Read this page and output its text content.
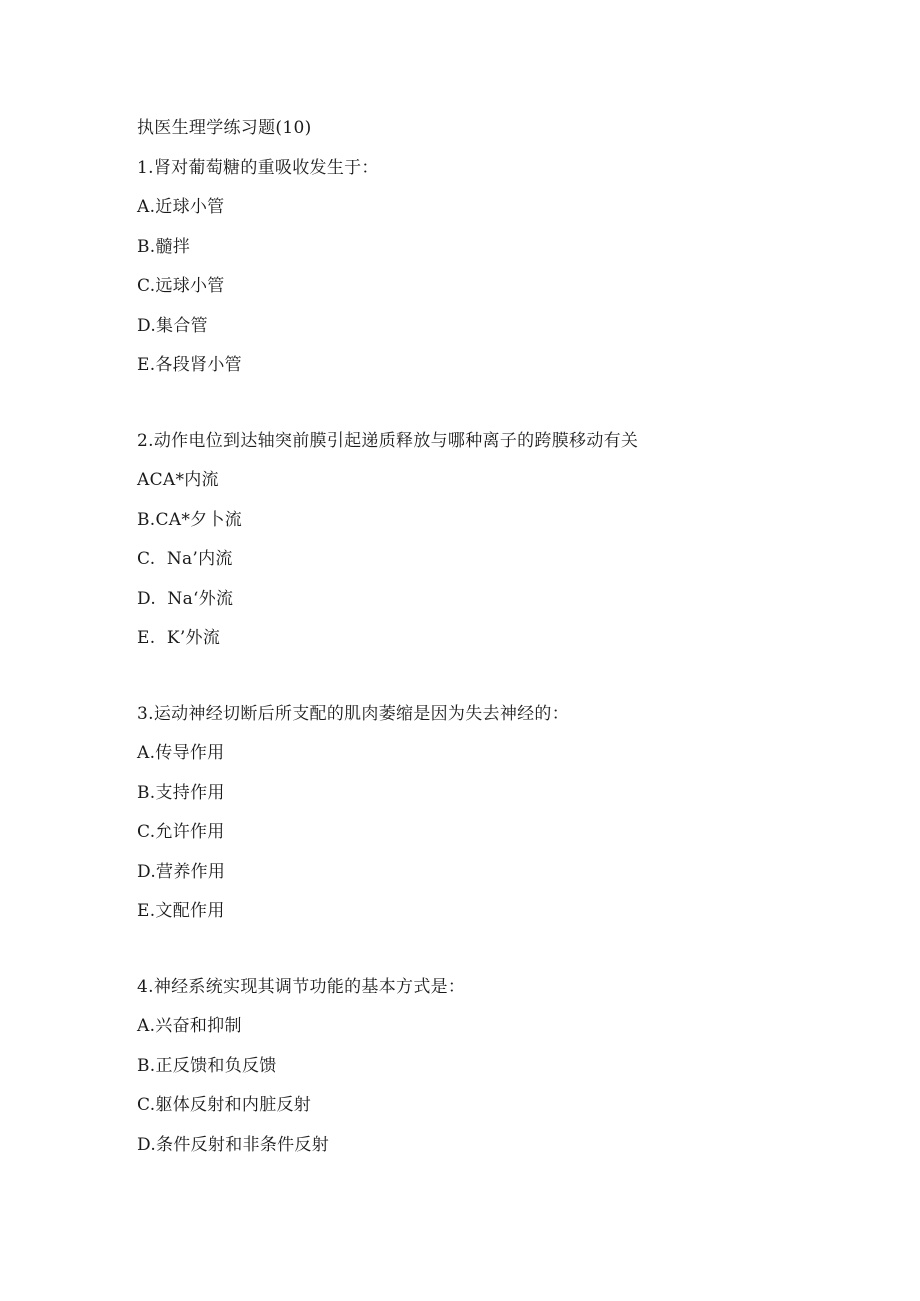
执医生理学练习题(10)
1.肾对葡萄糖的重吸收发生于：
A.近球小管
B.髓拌
C.远球小管
D.集合管
E.各段肾小管
2.动作电位到达轴突前膜引起递质释放与哪种离子的跨膜移动有关
ACA*内流
B.CA*夕卜流
C.  Na’内流
D.  Na‘外流
E.  K’外流
3.运动神经切断后所支配的肌肉萎缩是因为失去神经的：
A.传导作用
B.支持作用
C.允许作用
D.营养作用
E.文配作用
4.神经系统实现其调节功能的基本方式是：
A.兴奋和抑制
B.正反馈和负反馈
C.躯体反射和内脏反射
D.条件反射和非条件反射
